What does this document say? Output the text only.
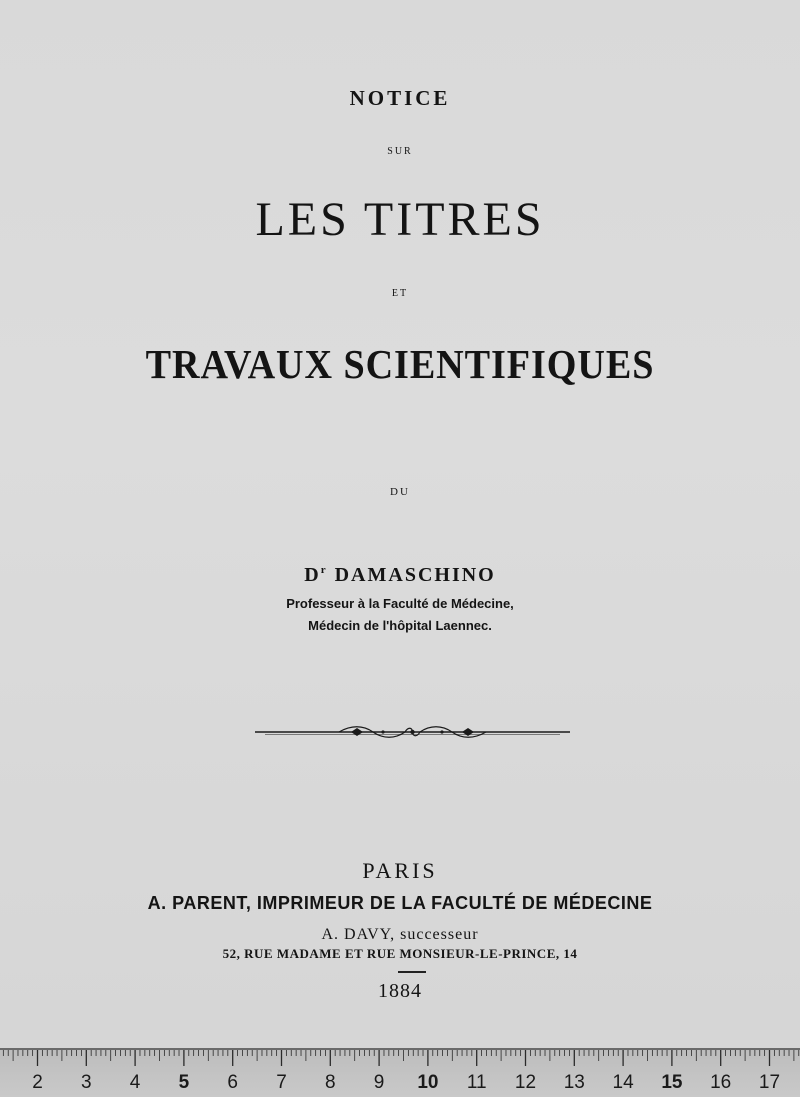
NOTICE
SUR
LES TITRES
ET
TRAVAUX SCIENTIFIQUES
DU
$D^r$ DAMASCHINO
Professeur à la Faculté de Médecine,
Médecin de l'hôpital Laennec.
PARIS
A. PARENT, IMPRIMEUR DE LA FACULTÉ DE MÉDECINE
A. DAVY, successeur
52, RUE MADAME ET RUE MONSIEUR-LE-PRINCE, 14
1884
2 3 4 5 6 7 8 9 10 11 12 13 14 15 16 17
